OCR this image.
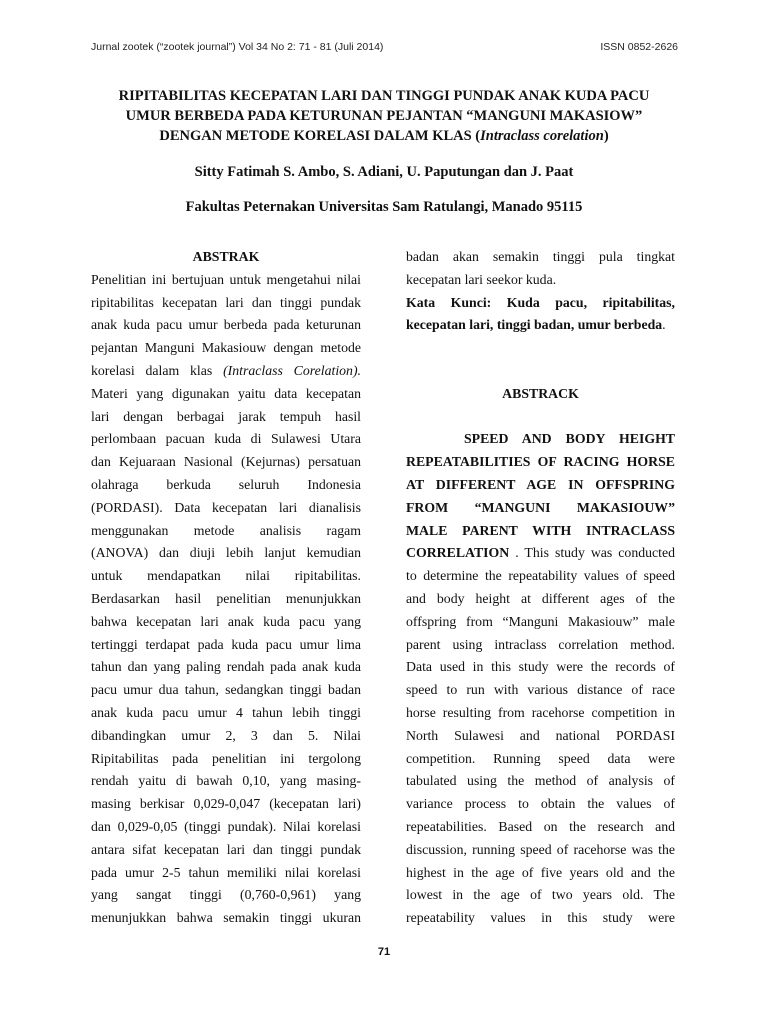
Jurnal zootek (“zootek journal”) Vol 34 No 2: 71 - 81 (Juli 2014)	ISSN 0852-2626
RIPITABILITAS KECEPATAN LARI DAN TINGGI PUNDAK ANAK KUDA PACU
UMUR BERBEDA PADA KETURUNAN PEJANTAN “MANGUNI MAKASIOW”
DENGAN METODE KORELASI DALAM KLAS (Intraclass corelation)
Sitty Fatimah S. Ambo, S. Adiani, U. Paputungan dan J. Paat
Fakultas Peternakan Universitas Sam Ratulangi, Manado 95115
ABSTRAK
Penelitian ini bertujuan untuk mengetahui nilai
ripitabilitas kecepatan lari dan tinggi pundak
anak kuda pacu umur berbeda pada keturunan
pejantan Manguni Makasiouw dengan metode
korelasi dalam klas (Intraclass Corelation).
Materi yang digunakan yaitu data kecepatan
lari dengan berbagai jarak tempuh hasil
perlombaan pacuan kuda di Sulawesi Utara
dan Kejuaraan Nasional (Kejurnas) persatuan
olahraga berkuda seluruh Indonesia
(PORDASI). Data kecepatan lari dianalisis
menggunakan metode analisis ragam
(ANOVA) dan diuji lebih lanjut kemudian
untuk mendapatkan nilai ripitabilitas.
Berdasarkan hasil penelitian menunjukkan
bahwa kecepatan lari anak kuda pacu yang
tertinggi terdapat pada kuda pacu umur lima
tahun dan yang paling rendah pada anak kuda
pacu umur dua tahun, sedangkan tinggi badan
anak kuda pacu umur 4 tahun lebih tinggi
dibandingkan umur 2, 3 dan 5. Nilai
Ripitabilitas pada penelitian ini tergolong
rendah yaitu di bawah 0,10, yang masing-
masing berkisar 0,029-0,047 (kecepatan lari)
dan 0,029-0,05 (tinggi pundak). Nilai korelasi
antara sifat kecepatan lari dan tinggi pundak
pada umur 2-5 tahun memiliki nilai korelasi
yang sangat tinggi (0,760-0,961) yang
menunjukkan bahwa semakin tinggi ukuran
badan akan semakin tinggi pula tingkat
kecepatan lari seekor kuda.
Kata Kunci: Kuda pacu, ripitabilitas,
kecepatan lari, tinggi badan, umur berbeda.
ABSTRACK
SPEED AND BODY HEIGHT
REPEATABILITIES OF RACING HORSE
AT DIFFERENT AGE IN OFFSPRING
FROM “MANGUNI MAKASIOUW”
MALE PARENT WITH INTRACLASS
CORRELATION . This study was conducted
to determine the repeatability values of speed
and body height at different ages of the
offspring from “Manguni Makasiouw” male
parent using intraclass correlation method.
Data used in this study were the records of
speed to run with various distance of race
horse resulting from racehorse competition in
North Sulawesi and national PORDASI
competition. Running speed data were
tabulated using the method of analysis of
variance process to obtain the values of
repeatabilities. Based on the research and
discussion, running speed of racehorse was the
highest in the age of five years old and the
lowest in the age of two years old. The
repeatability values in this study were
71
